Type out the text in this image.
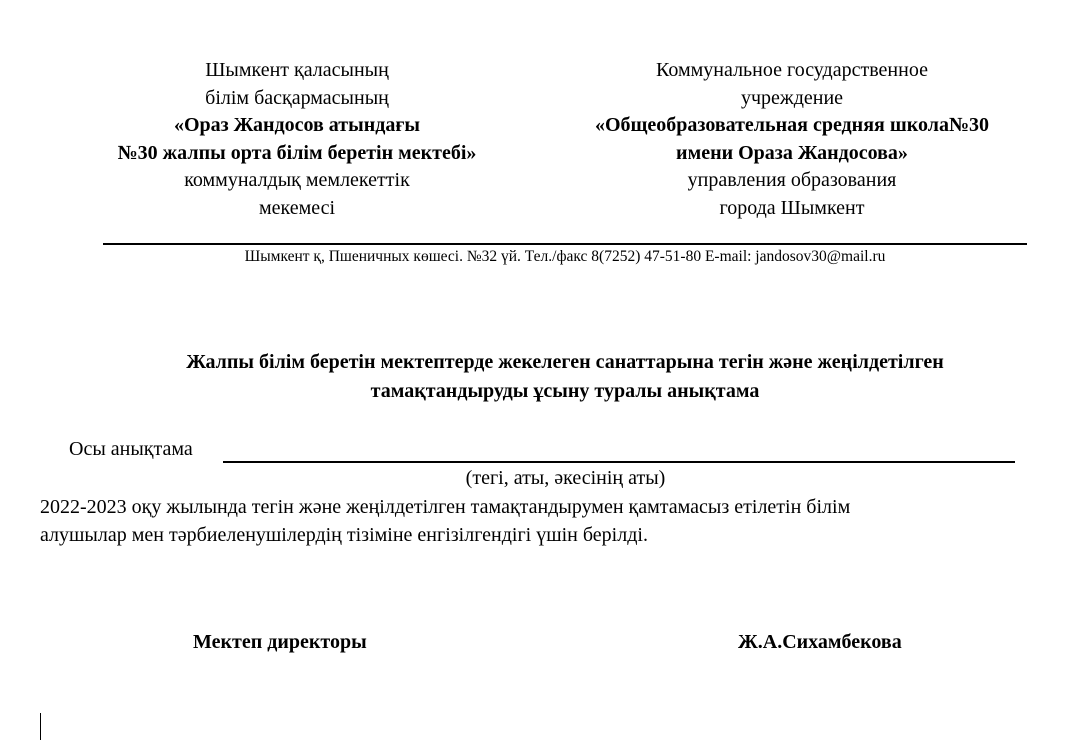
Шымкент қаласының
білім басқармасының
«Ораз Жандосов атындағы
№30 жалпы орта білім беретін мектебі»
коммуналдық мемлекеттік
мекемесі
Коммунальное государственное
учреждение
«Общеобразовательная средняя школа№30
имени Ораза Жандосова»
управления образования
города Шымкент
Шымкент қ, Пшеничных көшесі. №32 үй. Тел./факс 8(7252) 47-51-80 E-mail: jandosov30@mail.ru
Жалпы білім беретін мектептерде жекелеген санаттарына тегін және жеңілдетілген
тамақтандыруды ұсыну туралы анықтама
Осы анықтама
(тегі, аты, әкесінің аты)
2022-2023 оқу жылында тегін және жеңілдетілген тамақтандырумен қамтамасыз етілетін білім
алушылар мен тәрбиеленушілердің тізіміне енгізілгендігі үшін берілді.
Мектеп директоры	Ж.А.Сихамбекова
